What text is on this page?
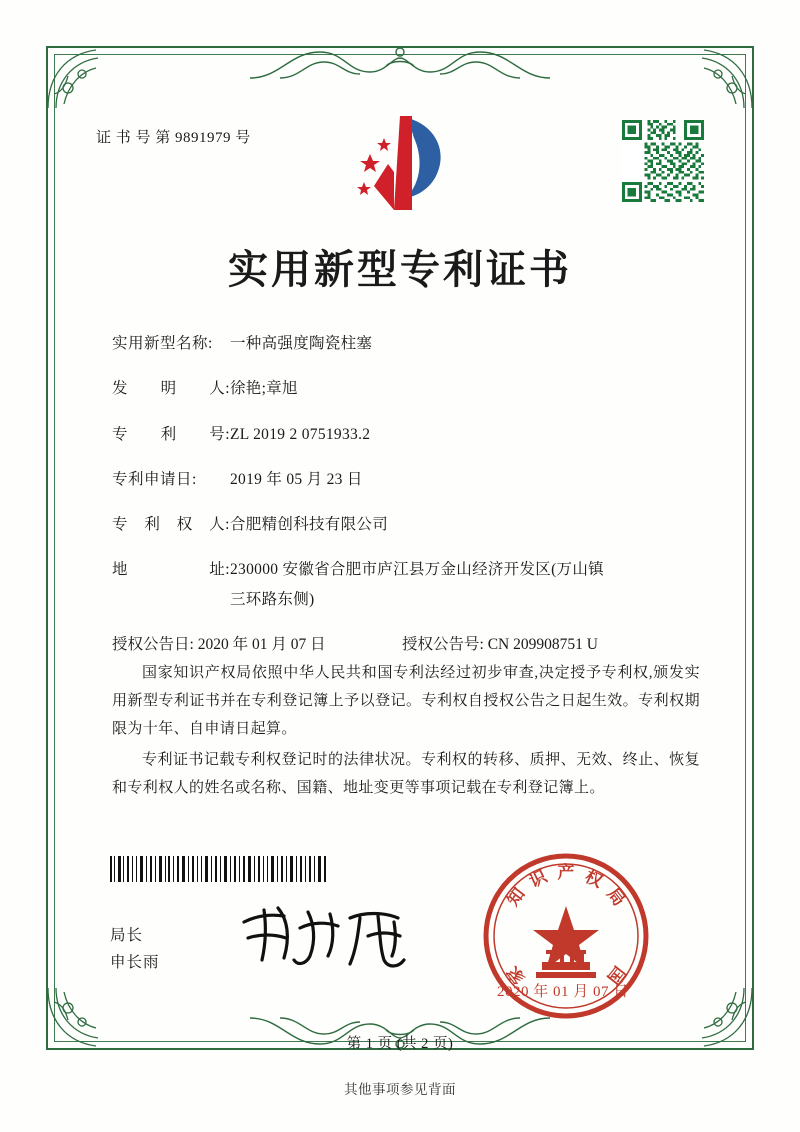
证 书 号 第 9891979 号
实用新型专利证书
实用新型名称:	一种高强度陶瓷柱塞
发 明 人: 徐艳;章旭
专 利 号: ZL 2019 2 0751933.2
专利申请日:	2019 年 05 月 23 日
专 利 权 人: 合肥精创科技有限公司
地	址: 230000 安徽省合肥市庐江县万金山经济开发区(万山镇
三环路东侧)
授权公告日: 2020 年 01 月 07 日	授权公告号: CN 209908751 U

国家知识产权局依照中华人民共和国专利法经过初步审查,决定授予专利权,颁发实用新型专利证书并在专利登记簿上予以登记。专利权自授权公告之日起生效。专利权期限为十年、自申请日起算。

专利证书记载专利权登记时的法律状况。专利权的转移、质押、无效、终止、恢复和专利权人的姓名或名称、国籍、地址变更等事项记载在专利登记簿上。

局长
申长雨
知
识 产 权
局
国
家
2020 年 01 月 07 日
第 1 页 (共 2 页)
其他事项参见背面
